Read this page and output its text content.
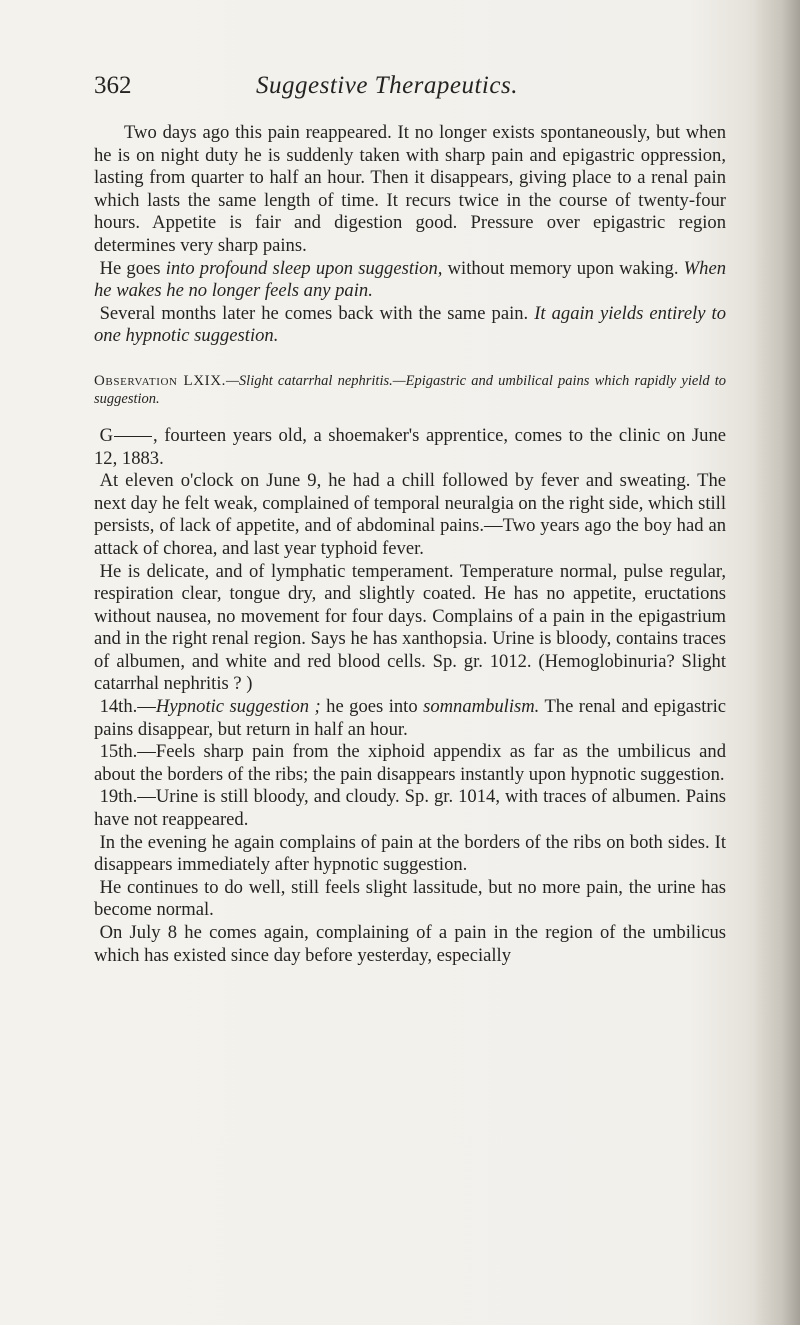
362	Suggestive Therapeutics.

Two days ago this pain reappeared. It no longer exists spontaneously, but when he is on night duty he is suddenly taken with sharp pain and epigastric oppression, lasting from quarter to half an hour. Then it disappears, giving place to a renal pain which lasts the same length of time. It recurs twice in the course of twenty-four hours. Appetite is fair and digestion good. Pressure over epigastric region determines very sharp pains.

He goes into profound sleep upon suggestion, without memory upon waking. When he wakes he no longer feels any pain.

Several months later he comes back with the same pain. It again yields entirely to one hypnotic suggestion.

Observation LXIX.—Slight catarrhal nephritis.—Epigastric and umbilical pains which rapidly yield to suggestion.

G , fourteen years old, a shoemaker's apprentice, comes to the clinic on June 12, 1883.

At eleven o'clock on June 9, he had a chill followed by fever and sweating. The next day he felt weak, complained of temporal neuralgia on the right side, which still persists, of lack of appetite, and of abdominal pains.—Two years ago the boy had an attack of chorea, and last year typhoid fever.

He is delicate, and of lymphatic temperament. Temperature normal, pulse regular, respiration clear, tongue dry, and slightly coated. He has no appetite, eructations without nausea, no movement for four days. Complains of a pain in the epigastrium and in the right renal region. Says he has xanthopsia. Urine is bloody, contains traces of albumen, and white and red blood cells. Sp. gr. 1012. (Hemoglobinuria? Slight catarrhal nephritis ? )

14th.—Hypnotic suggestion ; he goes into somnambulism. The renal and epigastric pains disappear, but return in half an hour.

15th.—Feels sharp pain from the xiphoid appendix as far as the umbilicus and about the borders of the ribs; the pain disappears instantly upon hypnotic suggestion.

19th.—Urine is still bloody, and cloudy. Sp. gr. 1014, with traces of albumen. Pains have not reappeared.

In the evening he again complains of pain at the borders of the ribs on both sides. It disappears immediately after hypnotic suggestion.

He continues to do well, still feels slight lassitude, but no more pain, the urine has become normal.

On July 8 he comes again, complaining of a pain in the region of the umbilicus which has existed since day before yesterday, especially
